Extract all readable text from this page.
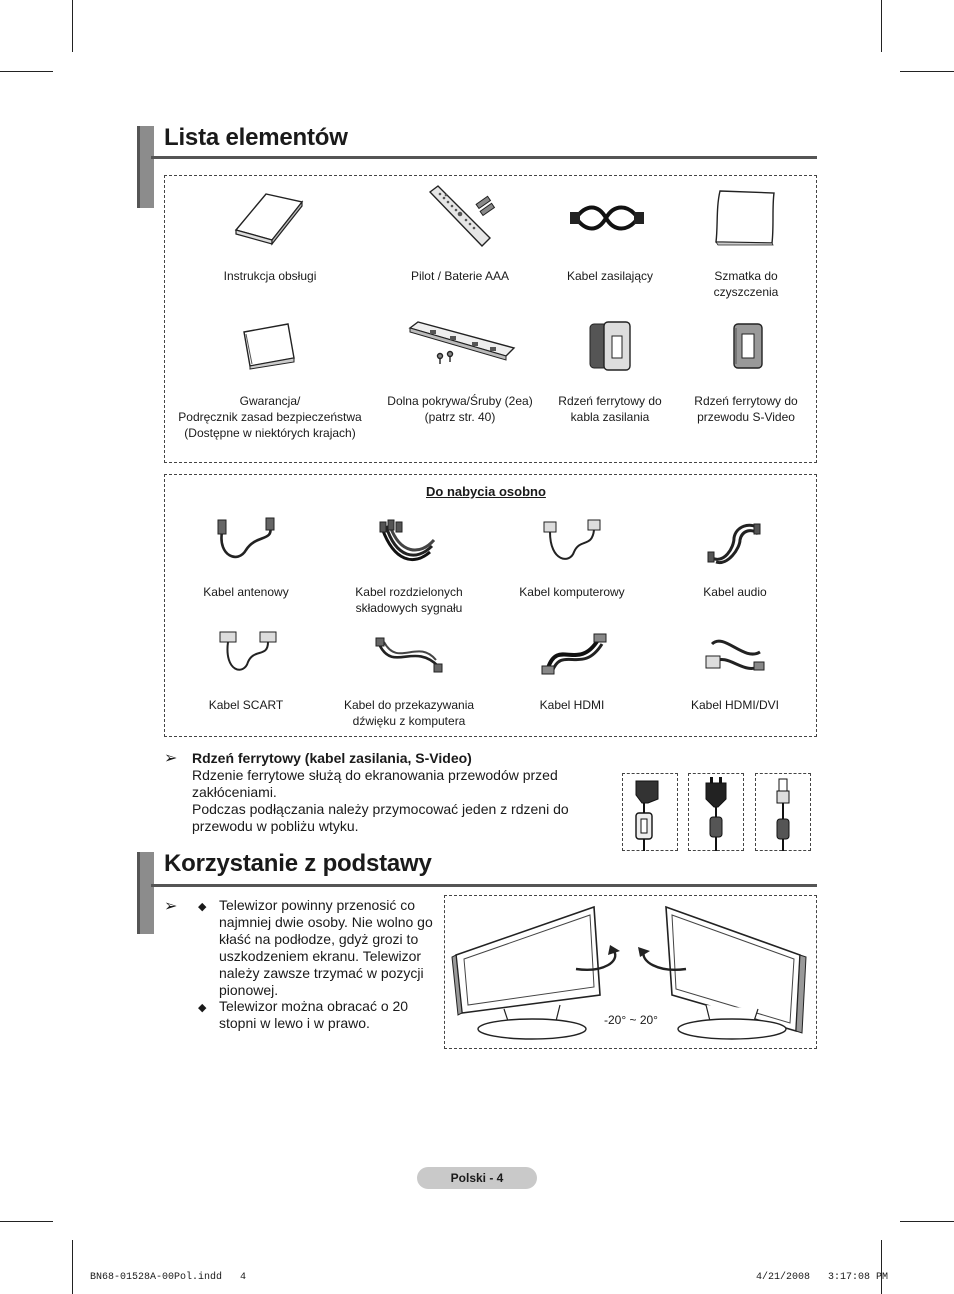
Lista elementów
Instrukcja obsługi	Pilot / Baterie AAA	Kabel zasilający	Szmatka do
czyszczenia
Gwarancja/
Podręcznik zasad bezpieczeństwa
(Dostępne w niektórych krajach)
Dolna pokrywa/Śruby (2ea)
(patrz str. 40)
Rdzeń ferrytowy do
kabla zasilania
Rdzeń ferrytowy do
przewodu S-Video
Do nabycia osobno
Kabel antenowy	Kabel rozdzielonych
składowych sygnału
Kabel komputerowy	Kabel audio
Kabel SCART	Kabel do przekazywania
dźwięku z komputera
Kabel HDMI	Kabel HDMI/DVI
➢ Rdzeń ferrytowy (kabel zasilania, S-Video)
Rdzenie ferrytowe służą do ekranowania przewodów przed zakłóceniami.
Podczas podłączania należy przymocować jeden z rdzeni do przewodu w pobliżu wtyku.
Korzystanie z podstawy
➢ ◆ Telewizor powinny przenosić co najmniej dwie osoby. Nie wolno go kłaść na podłodze, gdyż grozi to uszkodzeniem ekranu. Telewizor należy zawsze trzymać w pozycji pionowej.
◆ Telewizor można obracać o 20 stopni w lewo i w prawo.	-20° ~ 20°
Polski - 4
BN68-01528A-00Pol.indd   4	4/21/2008   3:17:08 PM
